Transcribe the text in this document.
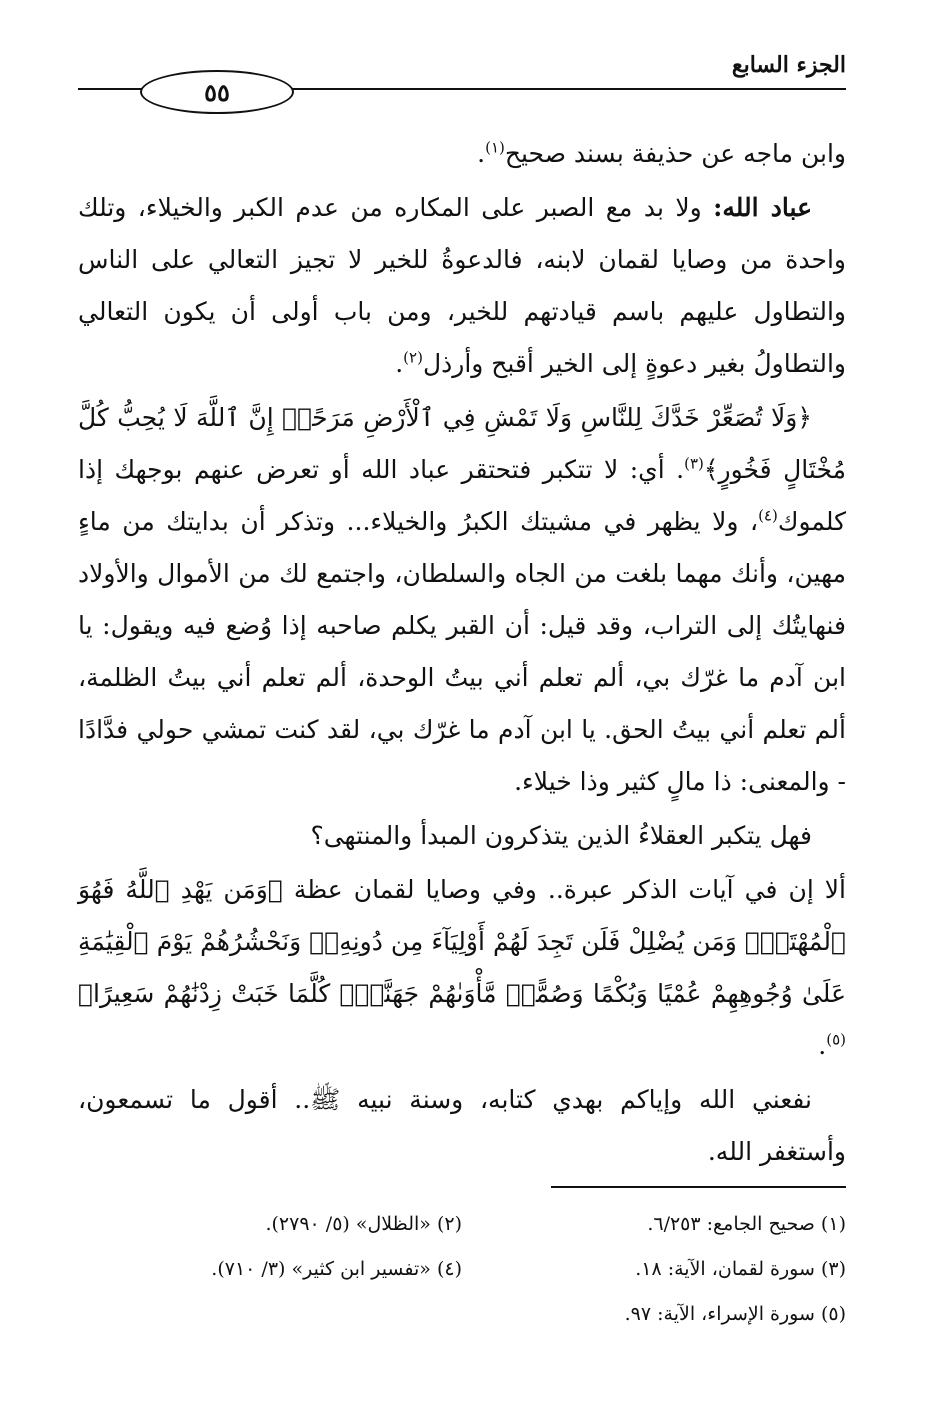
الجزء السابع
٥٥

وابن ماجه عن حذيفة بسند صحيح$^{(١)}$.

عباد الله: ولا بد مع الصبر على المكاره من عدم الكبر والخيلاء، وتلك واحدة من وصايا لقمان لابنه، فالدعوةُ للخير لا تجيز التعالي على الناس والتطاول عليهم باسم قيادتهم للخير، ومن باب أولى أن يكون التعالي والتطاولُ بغير دعوةٍ إلى الخير أقبح وأرذل$^{(٢)}$.

﴿وَلَا تُصَعِّرْ خَدَّكَ لِلنَّاسِ وَلَا تَمْشِ فِي ٱلْأَرْضِ مَرَحًاۖ إِنَّ ٱللَّهَ لَا يُحِبُّ كُلَّ مُخْتَالٍ فَخُورٍ﴾$^{(٣)}$. أي: لا تتكبر فتحتقر عباد الله أو تعرض عنهم بوجهك إذا كلموك$^{(٤)}$، ولا يظهر في مشيتك الكبرُ والخيلاء... وتذكر أن بدايتك من ماءٍ مهين، وأنك مهما بلغت من الجاه والسلطان، واجتمع لك من الأموال والأولاد فنهايتُك إلى التراب، وقد قيل: أن القبر يكلم صاحبه إذا وُضع فيه ويقول: يا ابن آدم ما غرّك بي، ألم تعلم أني بيتُ الوحدة، ألم تعلم أني بيتُ الظلمة، ألم تعلم أني بيتُ الحق. يا ابن آدم ما غرّك بي، لقد كنت تمشي حولي فدَّادًا - والمعنى: ذا مالٍ كثير وذا خيلاء.

فهل يتكبر العقلاءُ الذين يتذكرون المبدأ والمنتهى؟

ألا إن في آيات الذكر عبرة.. وفي وصايا لقمان عظة ﴿وَمَن يَهْدِ ٱللَّهُ فَهُوَ ٱلْمُهْتَدِۖ وَمَن يُضْلِلْ فَلَن تَجِدَ لَهُمْ أَوْلِيَآءَ مِن دُونِهِۦۖ وَنَحْشُرُهُمْ يَوْمَ ٱلْقِيَٰمَةِ عَلَىٰ وُجُوهِهِمْ عُمْيًا وَبُكْمًا وَصُمًّاۖ مَّأْوَىٰهُمْ جَهَنَّمُۖ كُلَّمَا خَبَتْ زِدْنَٰهُمْ سَعِيرًا﴾$^{(٥)}$.

نفعني الله وإياكم بهدي كتابه، وسنة نبيه ﷺ.. أقول ما تسمعون، وأستغفر الله.

(١) صحيح الجامع: ٦/٢٥٣.
(٢) «الظلال» (٥/ ٢٧٩٠).
(٣) سورة لقمان، الآية: ١٨.
(٤) «تفسير ابن كثير» (٣/ ٧١٠).
(٥) سورة الإسراء، الآية: ٩٧.
